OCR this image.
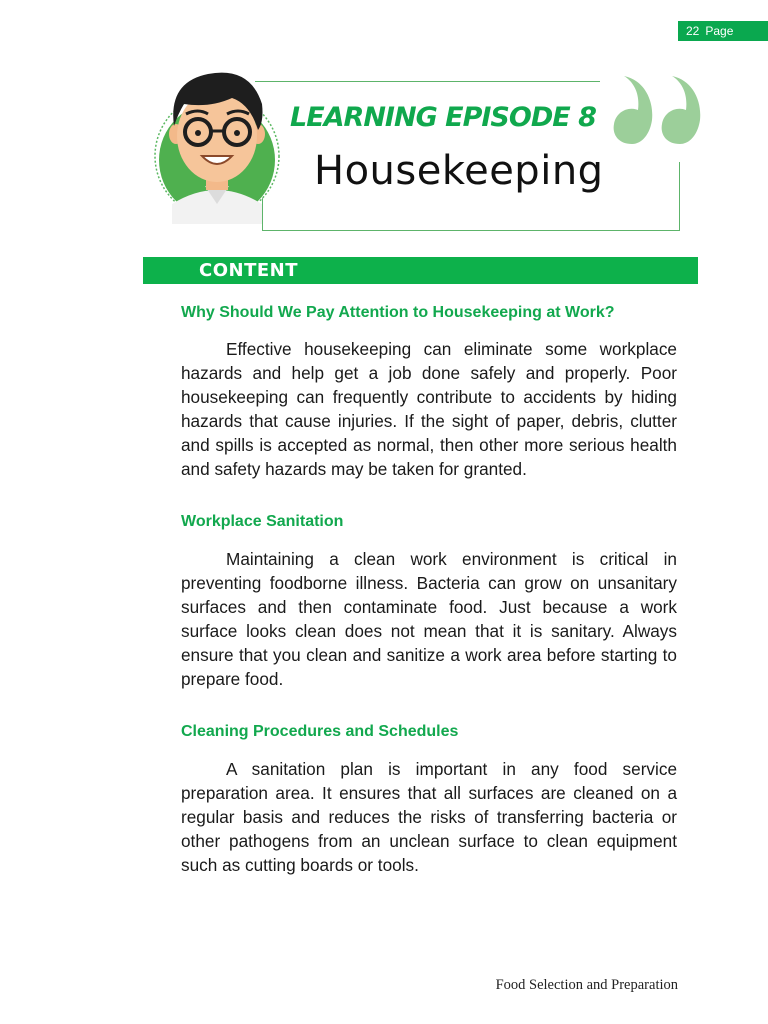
22 Page
LEARNING EPISODE 8
Housekeeping

CONTENT

Why Should We Pay Attention to Housekeeping at Work?

Effective housekeeping can eliminate some workplace hazards and help get a job done safely and properly. Poor housekeeping can frequently contribute to accidents by hiding hazards that cause injuries. If the sight of paper, debris, clutter and spills is accepted as normal, then other more serious health and safety hazards may be taken for granted.

Workplace Sanitation

Maintaining a clean work environment is critical in preventing foodborne illness. Bacteria can grow on unsanitary surfaces and then contaminate food. Just because a work surface looks clean does not mean that it is sanitary. Always ensure that you clean and sanitize a work area before starting to prepare food.

Cleaning Procedures and Schedules

A sanitation plan is important in any food service preparation area. It ensures that all surfaces are cleaned on a regular basis and reduces the risks of transferring bacteria or other pathogens from an unclean surface to clean equipment such as cutting boards or tools.

Food Selection and Preparation
